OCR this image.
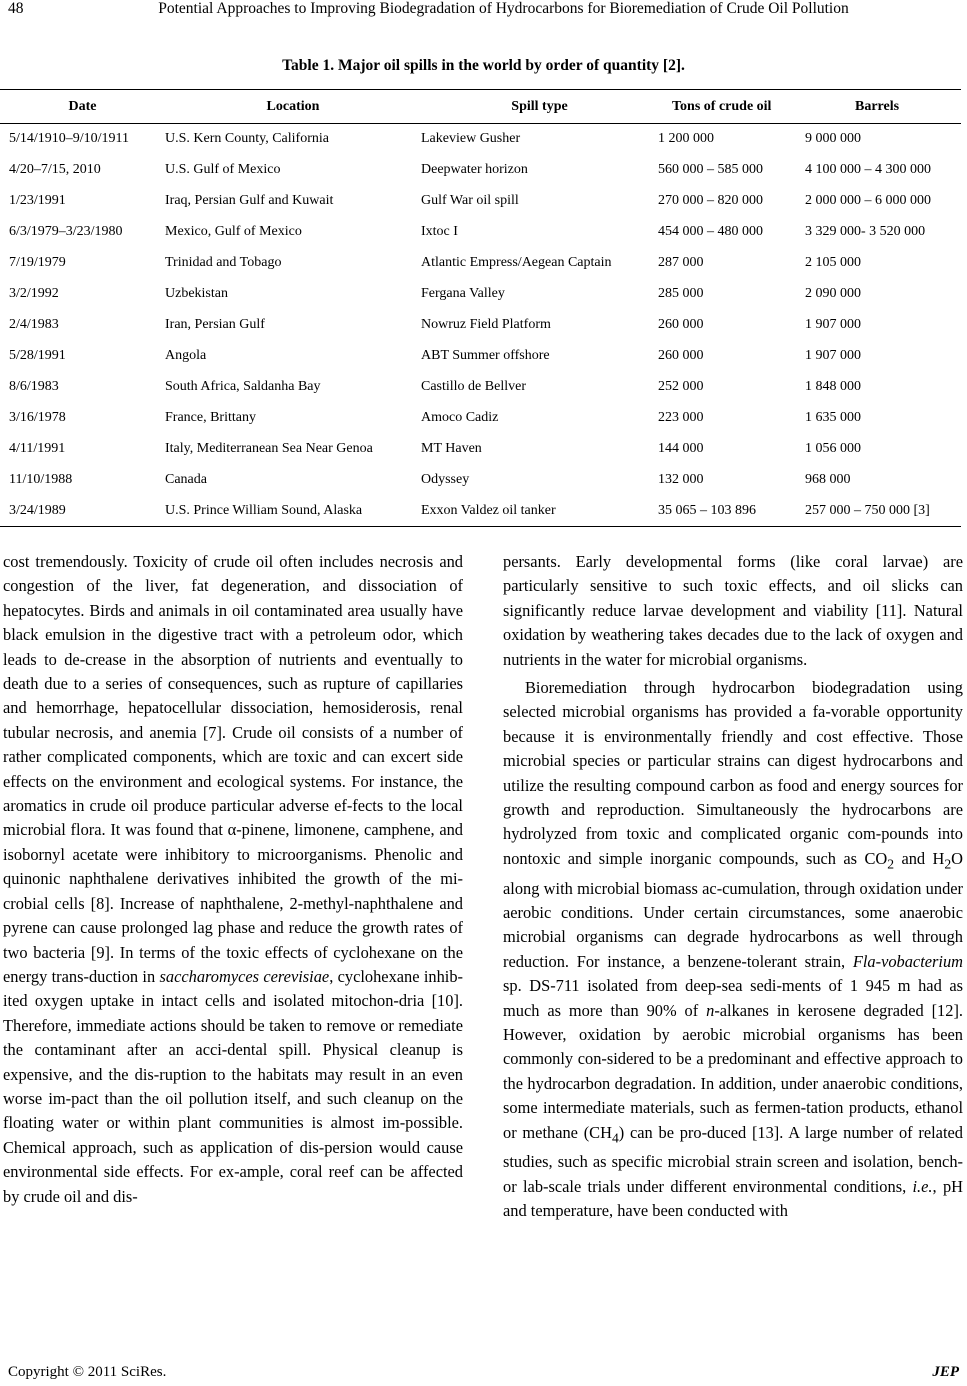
48	Potential Approaches to Improving Biodegradation of Hydrocarbons for Bioremediation of Crude Oil Pollution
Table 1. Major oil spills in the world by order of quantity [2].
Date	Location	Spill type	Tons of crude oil	Barrels
5/14/1910–9/10/1911	U.S. Kern County, California	Lakeview Gusher	1 200 000	9 000 000
4/20–7/15, 2010	U.S. Gulf of Mexico	Deepwater horizon	560 000 – 585 000	4 100 000 – 4 300 000
1/23/1991	Iraq, Persian Gulf and Kuwait	Gulf War oil spill	270 000 – 820 000	2 000 000 – 6 000 000
6/3/1979–3/23/1980	Mexico, Gulf of Mexico	Ixtoc I	454 000 – 480 000	3 329 000- 3 520 000
7/19/1979	Trinidad and Tobago	Atlantic Empress/Aegean Captain	287 000	2 105 000
3/2/1992	Uzbekistan	Fergana Valley	285 000	2 090 000
2/4/1983	Iran, Persian Gulf	Nowruz Field Platform	260 000	1 907 000
5/28/1991	Angola	ABT Summer offshore	260 000	1 907 000
8/6/1983	South Africa, Saldanha Bay	Castillo de Bellver	252 000	1 848 000
3/16/1978	France, Brittany	Amoco Cadiz	223 000	1 635 000
4/11/1991	Italy, Mediterranean Sea Near Genoa	MT Haven	144 000	1 056 000
11/10/1988	Canada	Odyssey	132 000	968 000
3/24/1989	U.S. Prince William Sound, Alaska	Exxon Valdez oil tanker	35 065 – 103 896	257 000 – 750 000 [3]

cost tremendously. Toxicity of crude oil often includes necrosis and congestion of the liver, fat degeneration, and dissociation of hepatocytes. Birds and animals in oil contaminated area usually have black emulsion in the digestive tract with a petroleum odor, which leads to de-crease in the absorption of nutrients and eventually to death due to a series of consequences, such as rupture of capillaries and hemorrhage, hepatocellular dissociation, hemosiderosis, renal tubular necrosis, and anemia [7]. Crude oil consists of a number of rather complicated components, which are toxic and can excert side effects on the environment and ecological systems. For instance, the aromatics in crude oil produce particular adverse ef-fects to the local microbial flora. It was found that α-pinene, limonene, camphene, and isobornyl acetate were inhibitory to microorganisms. Phenolic and quinonic naphthalene derivatives inhibited the growth of the mi-crobial cells [8]. Increase of naphthalene, 2-methyl-naphthalene and pyrene can cause prolonged lag phase and reduce the growth rates of two bacteria [9]. In terms of the toxic effects of cyclohexane on the energy trans-duction in saccharomyces cerevisiae, cyclohexane inhib-ited oxygen uptake in intact cells and isolated mitochon-dria [10]. Therefore, immediate actions should be taken to remove or remediate the contaminant after an acci-dental spill. Physical cleanup is expensive, and the dis-ruption to the habitats may result in an even worse im-pact than the oil pollution itself, and such cleanup on the floating water or within plant communities is almost im-possible. Chemical approach, such as application of dis-persion would cause environmental side effects. For ex-ample, coral reef can be affected by crude oil and dis-

persants. Early developmental forms (like coral larvae) are particularly sensitive to such toxic effects, and oil slicks can significantly reduce larvae development and viability [11]. Natural oxidation by weathering takes decades due to the lack of oxygen and nutrients in the water for microbial organisms.

Bioremediation through hydrocarbon biodegradation using selected microbial organisms has provided a fa-vorable opportunity because it is environmentally friendly and cost effective. Those microbial species or particular strains can digest hydrocarbons and utilize the resulting compound carbon as food and energy sources for growth and reproduction. Simultaneously the hydrocarbons are hydrolyzed from toxic and complicated organic com-pounds into nontoxic and simple inorganic compounds, such as $CO_2$ and $H_2O$ along with microbial biomass ac-cumulation, through oxidation under aerobic conditions. Under certain circumstances, some anaerobic microbial organisms can degrade hydrocarbons as well through reduction. For instance, a benzene-tolerant strain, Fla-vobacterium sp. DS-711 isolated from deep-sea sedi-ments of 1 945 m had as much as more than 90% of n-alkanes in kerosene degraded [12]. However, oxidation by aerobic microbial organisms has been commonly con-sidered to be a predominant and effective approach to the hydrocarbon degradation. In addition, under anaerobic conditions, some intermediate materials, such as fermen-tation products, ethanol or methane $(CH_4)$ can be pro-duced [13]. A large number of related studies, such as specific microbial strain screen and isolation, bench- or lab-scale trials under different environmental conditions, i.e., pH and temperature, have been conducted with

Copyright © 2011 SciRes.	JEP
